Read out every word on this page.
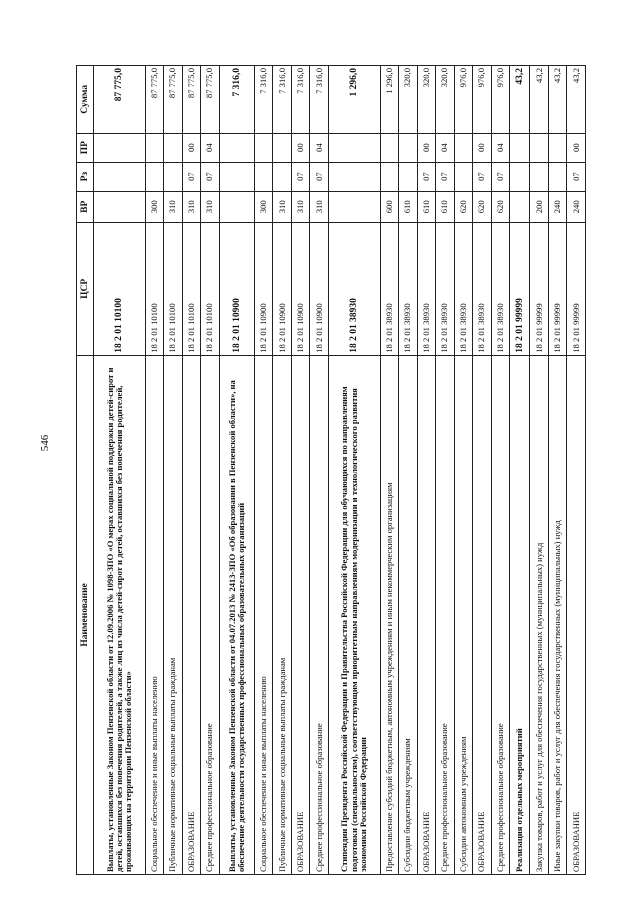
546
Наименование	ЦСР	ВР	Рз	ПР	Сумма
Выплаты, установленные Законом Пензенской области от 12.09.2006 № 1098-ЗПО «О мерах социальной поддержки детей-сирот и детей, оставшихся без попечения родителей, а также лиц из числа детей-сирот и детей, оставшихся без попечения родителей, проживающих на территории Пензенской области»	18 2 01 10100				87 775,0
Социальное обеспечение и иные выплаты населению	18 2 01 10100	300			87 775,0
Публичные нормативные социальные выплаты гражданам	18 2 01 10100	310			87 775,0
ОБРАЗОВАНИЕ	18 2 01 10100	310	07	00	87 775,0
Среднее профессиональное образование	18 2 01 10100	310	07	04	87 775,0
Выплаты, установленные Законом Пензенской области от 04.07.2013 № 2413-ЗПО «Об образовании в Пензенской области», на обеспечение деятельности государственных профессиональных образовательных организаций	18 2 01 10900				7 316,0
Социальное обеспечение и иные выплаты населению	18 2 01 10900	300			7 316,0
Публичные нормативные социальные выплаты гражданам	18 2 01 10900	310			7 316,0
ОБРАЗОВАНИЕ	18 2 01 10900	310	07	00	7 316,0
Среднее профессиональное образование	18 2 01 10900	310	07	04	7 316,0
Стипендии Президента Российской Федерации и Правительства Российской Федерации для обучающихся по направлениям подготовки (специальностям), соответствующим приоритетным направлениям модернизации и технологического развития экономики Российской Федерации	18 2 01 38930				1 296,0
Предоставление субсидий бюджетным, автономным учреждениям и иным некоммерческим организациям	18 2 01 38930	600			1 296,0
Субсидии бюджетным учреждениям	18 2 01 38930	610			320,0
ОБРАЗОВАНИЕ	18 2 01 38930	610	07	00	320,0
Среднее профессиональное образование	18 2 01 38930	610	07	04	320,0
Субсидии автономным учреждениям	18 2 01 38930	620			976,0
ОБРАЗОВАНИЕ	18 2 01 38930	620	07	00	976,0
Среднее профессиональное образование	18 2 01 38930	620	07	04	976,0
Реализация отдельных мероприятий	18 2 01 99999				43,2
Закупка товаров, работ и услуг для обеспечения государственных (муниципальных) нужд	18 2 01 99999	200			43,2
Иные закупки товаров, работ и услуг для обеспечения государственных (муниципальных) нужд	18 2 01 99999	240			43,2
ОБРАЗОВАНИЕ	18 2 01 99999	240	07	00	43,2
